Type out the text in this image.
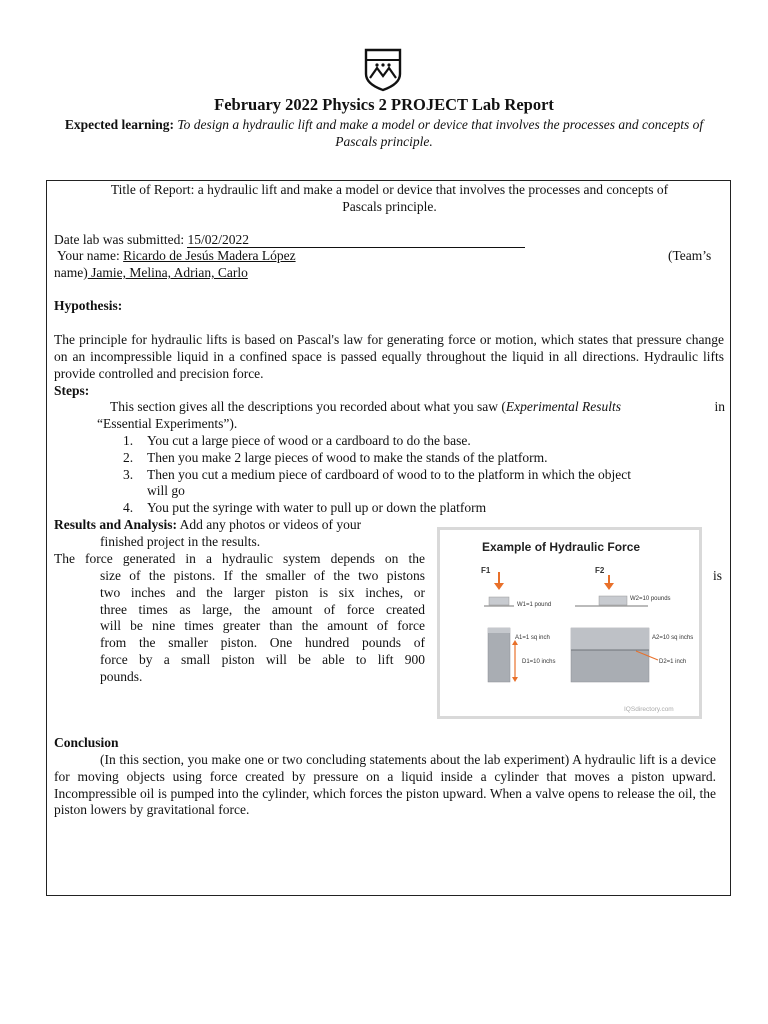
February 2022 Physics 2 PROJECT Lab Report
Expected learning: To design a hydraulic lift and make a model or device that involves the processes and concepts of Pascals principle.
Title of Report: a hydraulic lift and make a model or device that involves the processes and concepts of
Pascals principle.
Date lab was submitted: 15/02/2022
Your name: Ricardo de Jesús Madera López	(Team’s
name) Jamie, Melina, Adrian, Carlo
Hypothesis:
The principle for hydraulic lifts is based on Pascal's law for generating force or motion, which states that pressure change on an incompressible liquid in a confined space is passed equally throughout the liquid in all directions. Hydraulic lifts provide controlled and precision force.
Steps:
This section gives all the descriptions you recorded about what you saw (Experimental Results	in
“Essential Experiments”).
1.	You cut a large piece of wood or a cardboard to do the base.
2.	Then you make 2 large pieces of wood to make the stands of the platform.
3.	Then you cut a medium piece of cardboard of wood to to the platform in which the object
will go
4.	You put the syringe with water to pull up or down the platform
Results and Analysis: Add any photos or videos of your
finished project in the results.
The force generated in a hydraulic system depends on the
size of the pistons. If the smaller of the two pistons
two inches and the larger piston is six inches, or
three times as large, the amount of force created
will be nine times greater than the amount of force
from the smaller piston. One hundred pounds of
force by a small piston will be able to lift 900
pounds.
is
Conclusion
(In this section, you make one or two concluding statements about the lab experiment) A hydraulic lift is a device for moving objects using force created by pressure on a liquid inside a cylinder that moves a piston upward. Incompressible oil is pumped into the cylinder, which forces the piston upward. When a valve opens to release the oil, the piston lowers by gravitational force.
Example of Hydraulic Force
F1
W1=1 pound
F2
W2=10 pounds
A1=1 sq inch
D1=10 inchs
A2=10 sq inchs
D2=1 inch
IQSdirectory.com
